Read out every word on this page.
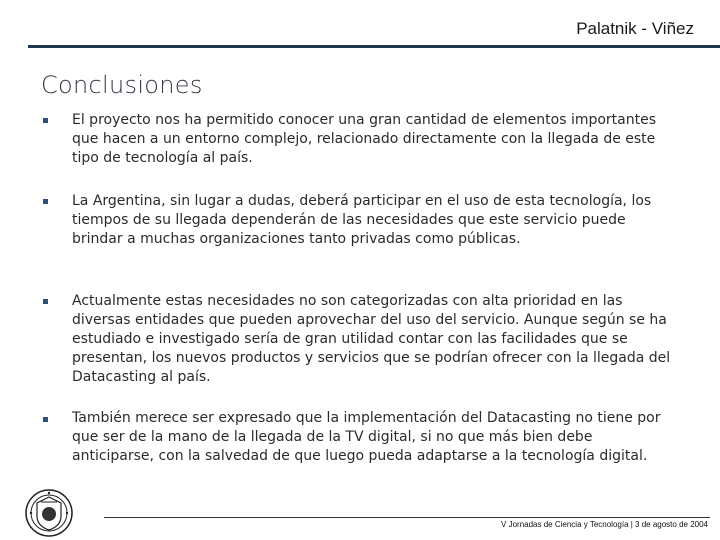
Palatnik - Viñez
Conclusiones

El proyecto nos ha permitido conocer una gran cantidad de elementos importantes que hacen a un entorno complejo, relacionado directamente con la llegada de este tipo de tecnología al país.

La Argentina, sin lugar a dudas, deberá participar en el uso de esta tecnología, los tiempos de su llegada dependerán de las necesidades que este servicio puede brindar a muchas organizaciones tanto privadas como públicas.

Actualmente estas necesidades no son categorizadas con alta prioridad en las diversas entidades que pueden aprovechar del uso del servicio. Aunque según se ha estudiado e investigado sería de gran utilidad contar con las facilidades que se presentan, los nuevos productos y servicios que se podrían ofrecer con la llegada del Datacasting al país.

También merece ser expresado que la implementación del Datacasting no tiene por que ser de la mano de la llegada de la TV digital, si no que más bien debe anticiparse, con la salvedad de que luego pueda adaptarse a la tecnología digital.

V Jornadas de Ciencia y Tecnología | 3 de agosto de 2004
